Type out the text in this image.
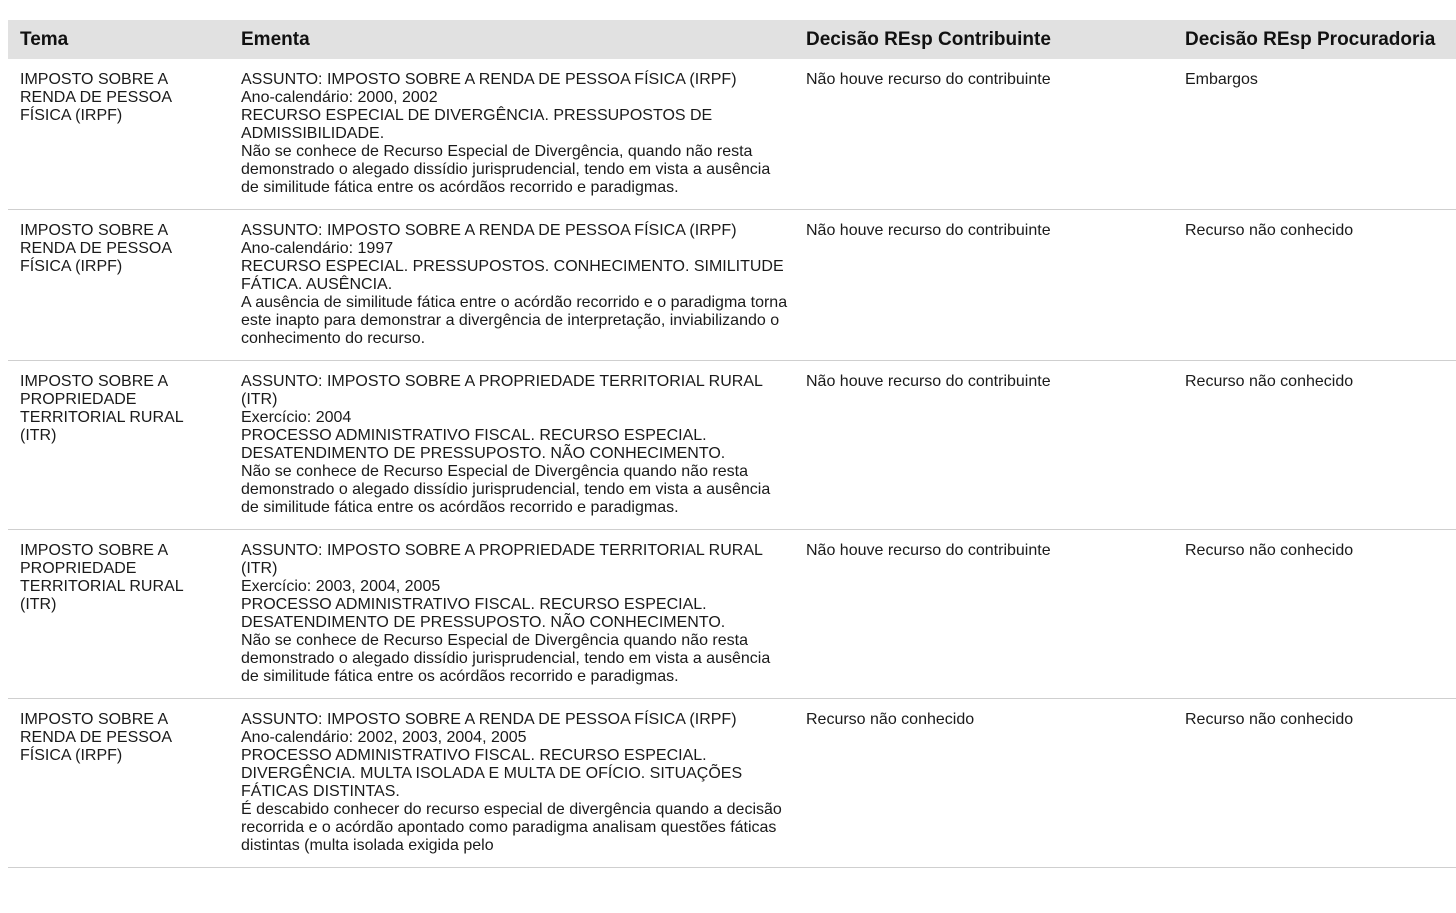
Tema	Ementa	Decisão REsp Contribuinte	Decisão REsp Procuradoria
IMPOSTO SOBRE A RENDA DE PESSOA FÍSICA (IRPF)	ASSUNTO: IMPOSTO SOBRE A RENDA DE PESSOA FÍSICA (IRPF)
Ano-calendário: 2000, 2002
RECURSO ESPECIAL DE DIVERGÊNCIA. PRESSUPOSTOS DE ADMISSIBILIDADE.
Não se conhece de Recurso Especial de Divergência, quando não resta demonstrado o alegado dissídio jurisprudencial, tendo em vista a ausência de similitude fática entre os acórdãos recorrido e paradigmas.	Não houve recurso do contribuinte	Embargos
IMPOSTO SOBRE A RENDA DE PESSOA FÍSICA (IRPF)	ASSUNTO: IMPOSTO SOBRE A RENDA DE PESSOA FÍSICA (IRPF)
Ano-calendário: 1997
RECURSO ESPECIAL. PRESSUPOSTOS. CONHECIMENTO. SIMILITUDE FÁTICA. AUSÊNCIA.
A ausência de similitude fática entre o acórdão recorrido e o paradigma torna este inapto para demonstrar a divergência de interpretação, inviabilizando o conhecimento do recurso.	Não houve recurso do contribuinte	Recurso não conhecido
IMPOSTO SOBRE A PROPRIEDADE TERRITORIAL RURAL (ITR)	ASSUNTO: IMPOSTO SOBRE A PROPRIEDADE TERRITORIAL RURAL (ITR)
Exercício: 2004
PROCESSO ADMINISTRATIVO FISCAL. RECURSO ESPECIAL. DESATENDIMENTO DE PRESSUPOSTO. NÃO CONHECIMENTO.
Não se conhece de Recurso Especial de Divergência quando não resta demonstrado o alegado dissídio jurisprudencial, tendo em vista a ausência de similitude fática entre os acórdãos recorrido e paradigmas.	Não houve recurso do contribuinte	Recurso não conhecido
IMPOSTO SOBRE A PROPRIEDADE TERRITORIAL RURAL (ITR)	ASSUNTO: IMPOSTO SOBRE A PROPRIEDADE TERRITORIAL RURAL (ITR)
Exercício: 2003, 2004, 2005
PROCESSO ADMINISTRATIVO FISCAL. RECURSO ESPECIAL. DESATENDIMENTO DE PRESSUPOSTO. NÃO CONHECIMENTO.
Não se conhece de Recurso Especial de Divergência quando não resta demonstrado o alegado dissídio jurisprudencial, tendo em vista a ausência de similitude fática entre os acórdãos recorrido e paradigmas.	Não houve recurso do contribuinte	Recurso não conhecido
IMPOSTO SOBRE A RENDA DE PESSOA FÍSICA (IRPF)	ASSUNTO: IMPOSTO SOBRE A RENDA DE PESSOA FÍSICA (IRPF)
Ano-calendário: 2002, 2003, 2004, 2005
PROCESSO ADMINISTRATIVO FISCAL. RECURSO ESPECIAL. DIVERGÊNCIA. MULTA ISOLADA E MULTA DE OFÍCIO. SITUAÇÕES FÁTICAS DISTINTAS.
É descabido conhecer do recurso especial de divergência quando a decisão recorrida e o acórdão apontado como paradigma analisam questões fáticas distintas (multa isolada exigida pelo	Recurso não conhecido	Recurso não conhecido
